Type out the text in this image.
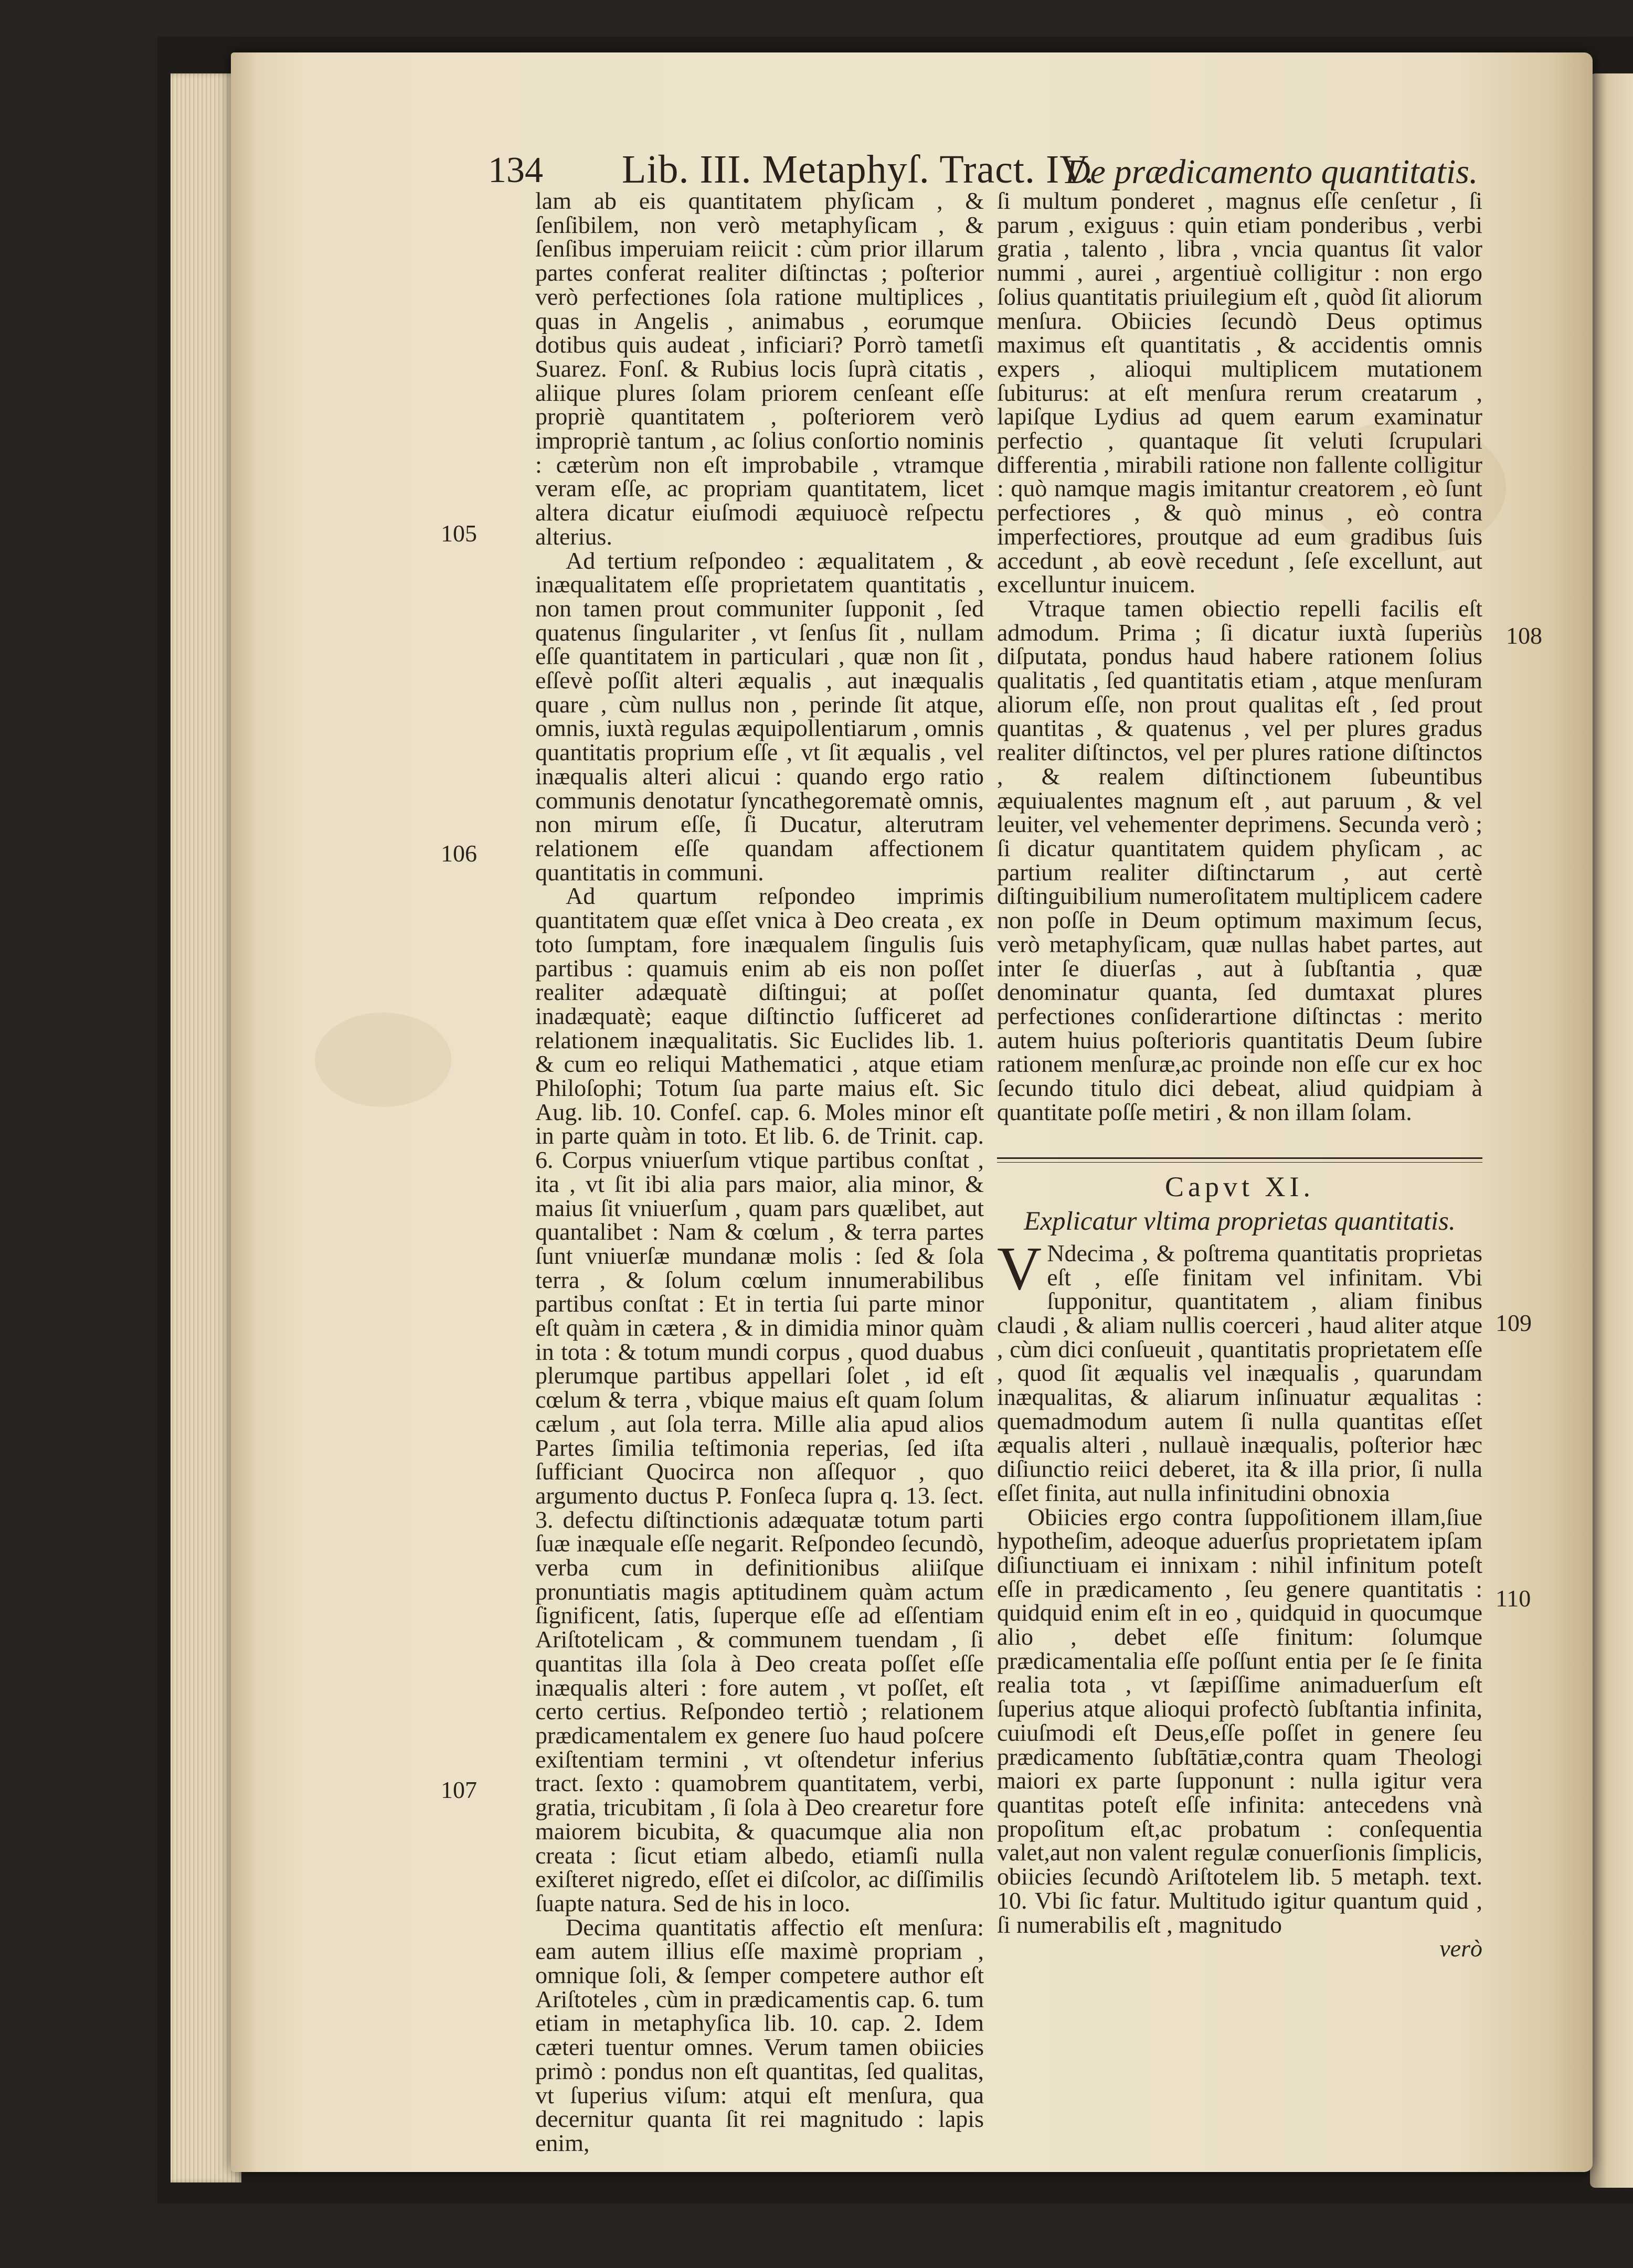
134 Lib. III. Metaphyſ. Tract. IV.
De prædicamento quantitatis.
105
106
107
108
109
110

lam ab eis quantitatem phyſicam , & ſenſibilem, non verò metaphyſicam , & ſenſibus imperuiam reiicit : cùm prior illarum partes conferat realiter diſtinctas ; poſterior verò perfectiones ſola ratione multiplices , quas in Angelis , animabus , eorumque dotibus quis audeat , inficiari? Porrò tametſi Suarez. Fonſ. & Rubius locis ſuprà citatis , aliique plures ſolam priorem cenſeant eſſe propriè quantitatem , poſteriorem verò impropriè tantum , ac ſolius conſortio nominis : cæterùm non eſt improbabile , vtramque veram eſſe, ac propriam quantitatem, licet altera dicatur eiuſmodi æquiuocè reſpectu alterius.

Ad tertium reſpondeo : æqualitatem , & inæqualitatem eſſe proprietatem quantitatis , non tamen prout communiter ſupponit , ſed quatenus ſingulariter , vt ſenſus ſit , nullam eſſe quantitatem in particulari , quæ non ſit , eſſevè poſſit alteri æqualis , aut inæqualis quare , cùm nullus non , perinde ſit atque, omnis, iuxtà regulas æquipollentiarum , omnis quantitatis proprium eſſe , vt ſit æqualis , vel inæqualis alteri alicui : quando ergo ratio communis denotatur ſyncathegorematè omnis, non mirum eſſe, ſi Ducatur, alterutram relationem eſſe quandam affectionem quantitatis in communi.

Ad quartum reſpondeo imprimis quantitatem quæ eſſet vnica à Deo creata , ex toto ſumptam, fore inæqualem ſingulis ſuis partibus : quamuis enim ab eis non poſſet realiter adæquatè diſtingui; at poſſet inadæquatè; eaque diſtinctio ſufficeret ad relationem inæqualitatis. Sic Euclides lib. 1. & cum eo reliqui Mathematici , atque etiam Philoſophi; Totum ſua parte maius eſt. Sic Aug. lib. 10. Confeſ. cap. 6. Moles minor eſt in parte quàm in toto. Et lib. 6. de Trinit. cap. 6. Corpus vniuerſum vtique partibus conſtat , ita , vt ſit ibi alia pars maior, alia minor, & maius ſit vniuerſum , quam pars quælibet, aut quantalibet : Nam & cœlum , & terra partes ſunt vniuerſæ mundanæ molis : ſed & ſola terra , & ſolum cœlum innumerabilibus partibus conſtat : Et in tertia ſui parte minor eſt quàm in cætera , & in dimidia minor quàm in tota : & totum mundi corpus , quod duabus plerumque partibus appellari ſolet , id eſt cœlum & terra , vbique maius eſt quam ſolum cælum , aut ſola terra. Mille alia apud alios Partes ſimilia teſtimonia reperias, ſed iſta ſufficiant Quocirca non aſſequor , quo argumento ductus P. Fonſeca ſupra q. 13. ſect. 3. defectu diſtinctionis adæquatæ totum parti ſuæ inæquale eſſe negarit. Reſpondeo ſecundò, verba cum in definitionibus aliiſque pronuntiatis magis aptitudinem quàm actum ſignificent, ſatis, ſuperque eſſe ad eſſentiam Ariſtotelicam , & communem tuendam , ſi quantitas illa ſola à Deo creata poſſet eſſe inæqualis alteri : fore autem , vt poſſet, eſt certo certius. Reſpondeo tertiò ; relationem prædicamentalem ex genere ſuo haud poſcere exiſtentiam termini , vt oſtendetur inferius tract. ſexto : quamobrem quantitatem, verbi, gratia, tricubitam , ſi ſola à Deo crearetur fore maiorem bicubita, & quacumque alia non creata : ſicut etiam albedo, etiamſi nulla exiſteret nigredo, eſſet ei diſcolor, ac diſſimilis ſuapte natura. Sed de his in loco.

Decima quantitatis affectio eſt menſura: eam autem illius eſſe maximè propriam , omnique ſoli, & ſemper competere author eſt Ariſtoteles , cùm in prædicamentis cap. 6. tum etiam in metaphyſica lib. 10. cap. 2. Idem cæteri tuentur omnes. Verum tamen obiicies primò : pondus non eſt quantitas, ſed qualitas, vt ſuperius viſum: atqui eſt menſura, qua decernitur quanta ſit rei magnitudo : lapis enim,

ſi multum ponderet , magnus eſſe cenſetur , ſi parum , exiguus : quin etiam ponderibus , verbi gratia , talento , libra , vncia quantus ſit valor nummi , aurei , argentiuè colligitur : non ergo ſolius quantitatis priuilegium eſt , quòd ſit aliorum menſura. Obiicies ſecundò Deus optimus maximus eſt quantitatis , & accidentis omnis expers , alioqui multiplicem mutationem ſubiturus: at eſt menſura rerum creatarum , lapiſque Lydius ad quem earum examinatur perfectio , quantaque ſit veluti ſcrupulari differentia , mirabili ratione non fallente colligitur : quò namque magis imitantur creatorem , eò ſunt perfectiores , & quò minus , eò contra imperfectiores, proutque ad eum gradibus ſuis accedunt , ab eovè recedunt , ſeſe excellunt, aut excelluntur inuicem.

Vtraque tamen obiectio repelli facilis eſt admodum. Prima ; ſi dicatur iuxtà ſuperiùs diſputata, pondus haud habere rationem ſolius qualitatis , ſed quantitatis etiam , atque menſuram aliorum eſſe, non prout qualitas eſt , ſed prout quantitas , & quatenus , vel per plures gradus realiter diſtinctos, vel per plures ratione diſtinctos , & realem diſtinctionem ſubeuntibus æquiualentes magnum eſt , aut paruum , & vel leuiter, vel vehementer deprimens. Secunda verò ; ſi dicatur quantitatem quidem phyſicam , ac partium realiter diſtinctarum , aut certè diſtinguibilium numeroſitatem multiplicem cadere non poſſe in Deum optimum maximum ſecus, verò metaphyſicam, quæ nullas habet partes, aut inter ſe diuerſas , aut à ſubſtantia , quæ denominatur quanta, ſed dumtaxat plures perfectiones conſiderartione diſtinctas : merito autem huius poſterioris quantitatis Deum ſubire rationem menſuræ,ac proinde non eſſe cur ex hoc ſecundo titulo dici debeat, aliud quidpiam à quantitate poſſe metiri , & non illam ſolam.

Capvt XI.
Explicatur vltima proprietas quantitatis.

V Ndecima , & poſtrema quantitatis proprietas eſt , eſſe finitam vel infinitam. Vbi ſupponitur, quantitatem , aliam finibus claudi , & aliam nullis coerceri , haud aliter atque , cùm dici conſueuit , quantitatis proprietatem eſſe , quod ſit æqualis vel inæqualis , quarundam inæqualitas, & aliarum inſinuatur æqualitas : quemadmodum autem ſi nulla quantitas eſſet æqualis alteri , nullauè inæqualis, poſterior hæc diſiunctio reiici deberet, ita & illa prior, ſi nulla eſſet finita, aut nulla infinitudini obnoxia

Obiicies ergo contra ſuppoſitionem illam,ſiue hypotheſim, adeoque aduerſus proprietatem ipſam diſiunctiuam ei innixam : nihil infinitum poteſt eſſe in prædicamento , ſeu genere quantitatis : quidquid enim eſt in eo , quidquid in quocumque alio , debet eſſe finitum: ſolumque prædicamentalia eſſe poſſunt entia per ſe ſe finita realia tota , vt ſæpiſſime animaduerſum eſt ſuperius atque alioqui profectò ſubſtantia infinita, cuiuſmodi eſt Deus,eſſe poſſet in genere ſeu prædicamento ſubſtātiæ,contra quam Theologi maiori ex parte ſupponunt : nulla igitur vera quantitas poteſt eſſe infinita: antecedens vnà propoſitum eſt,ac probatum : conſequentia valet,aut non valent regulæ conuerſionis ſimplicis, obiicies ſecundò Ariſtotelem lib. 5 metaph. text. 10. Vbi ſic fatur. Multitudo igitur quantum quid , ſi numerabilis eſt , magnitudo

verò
